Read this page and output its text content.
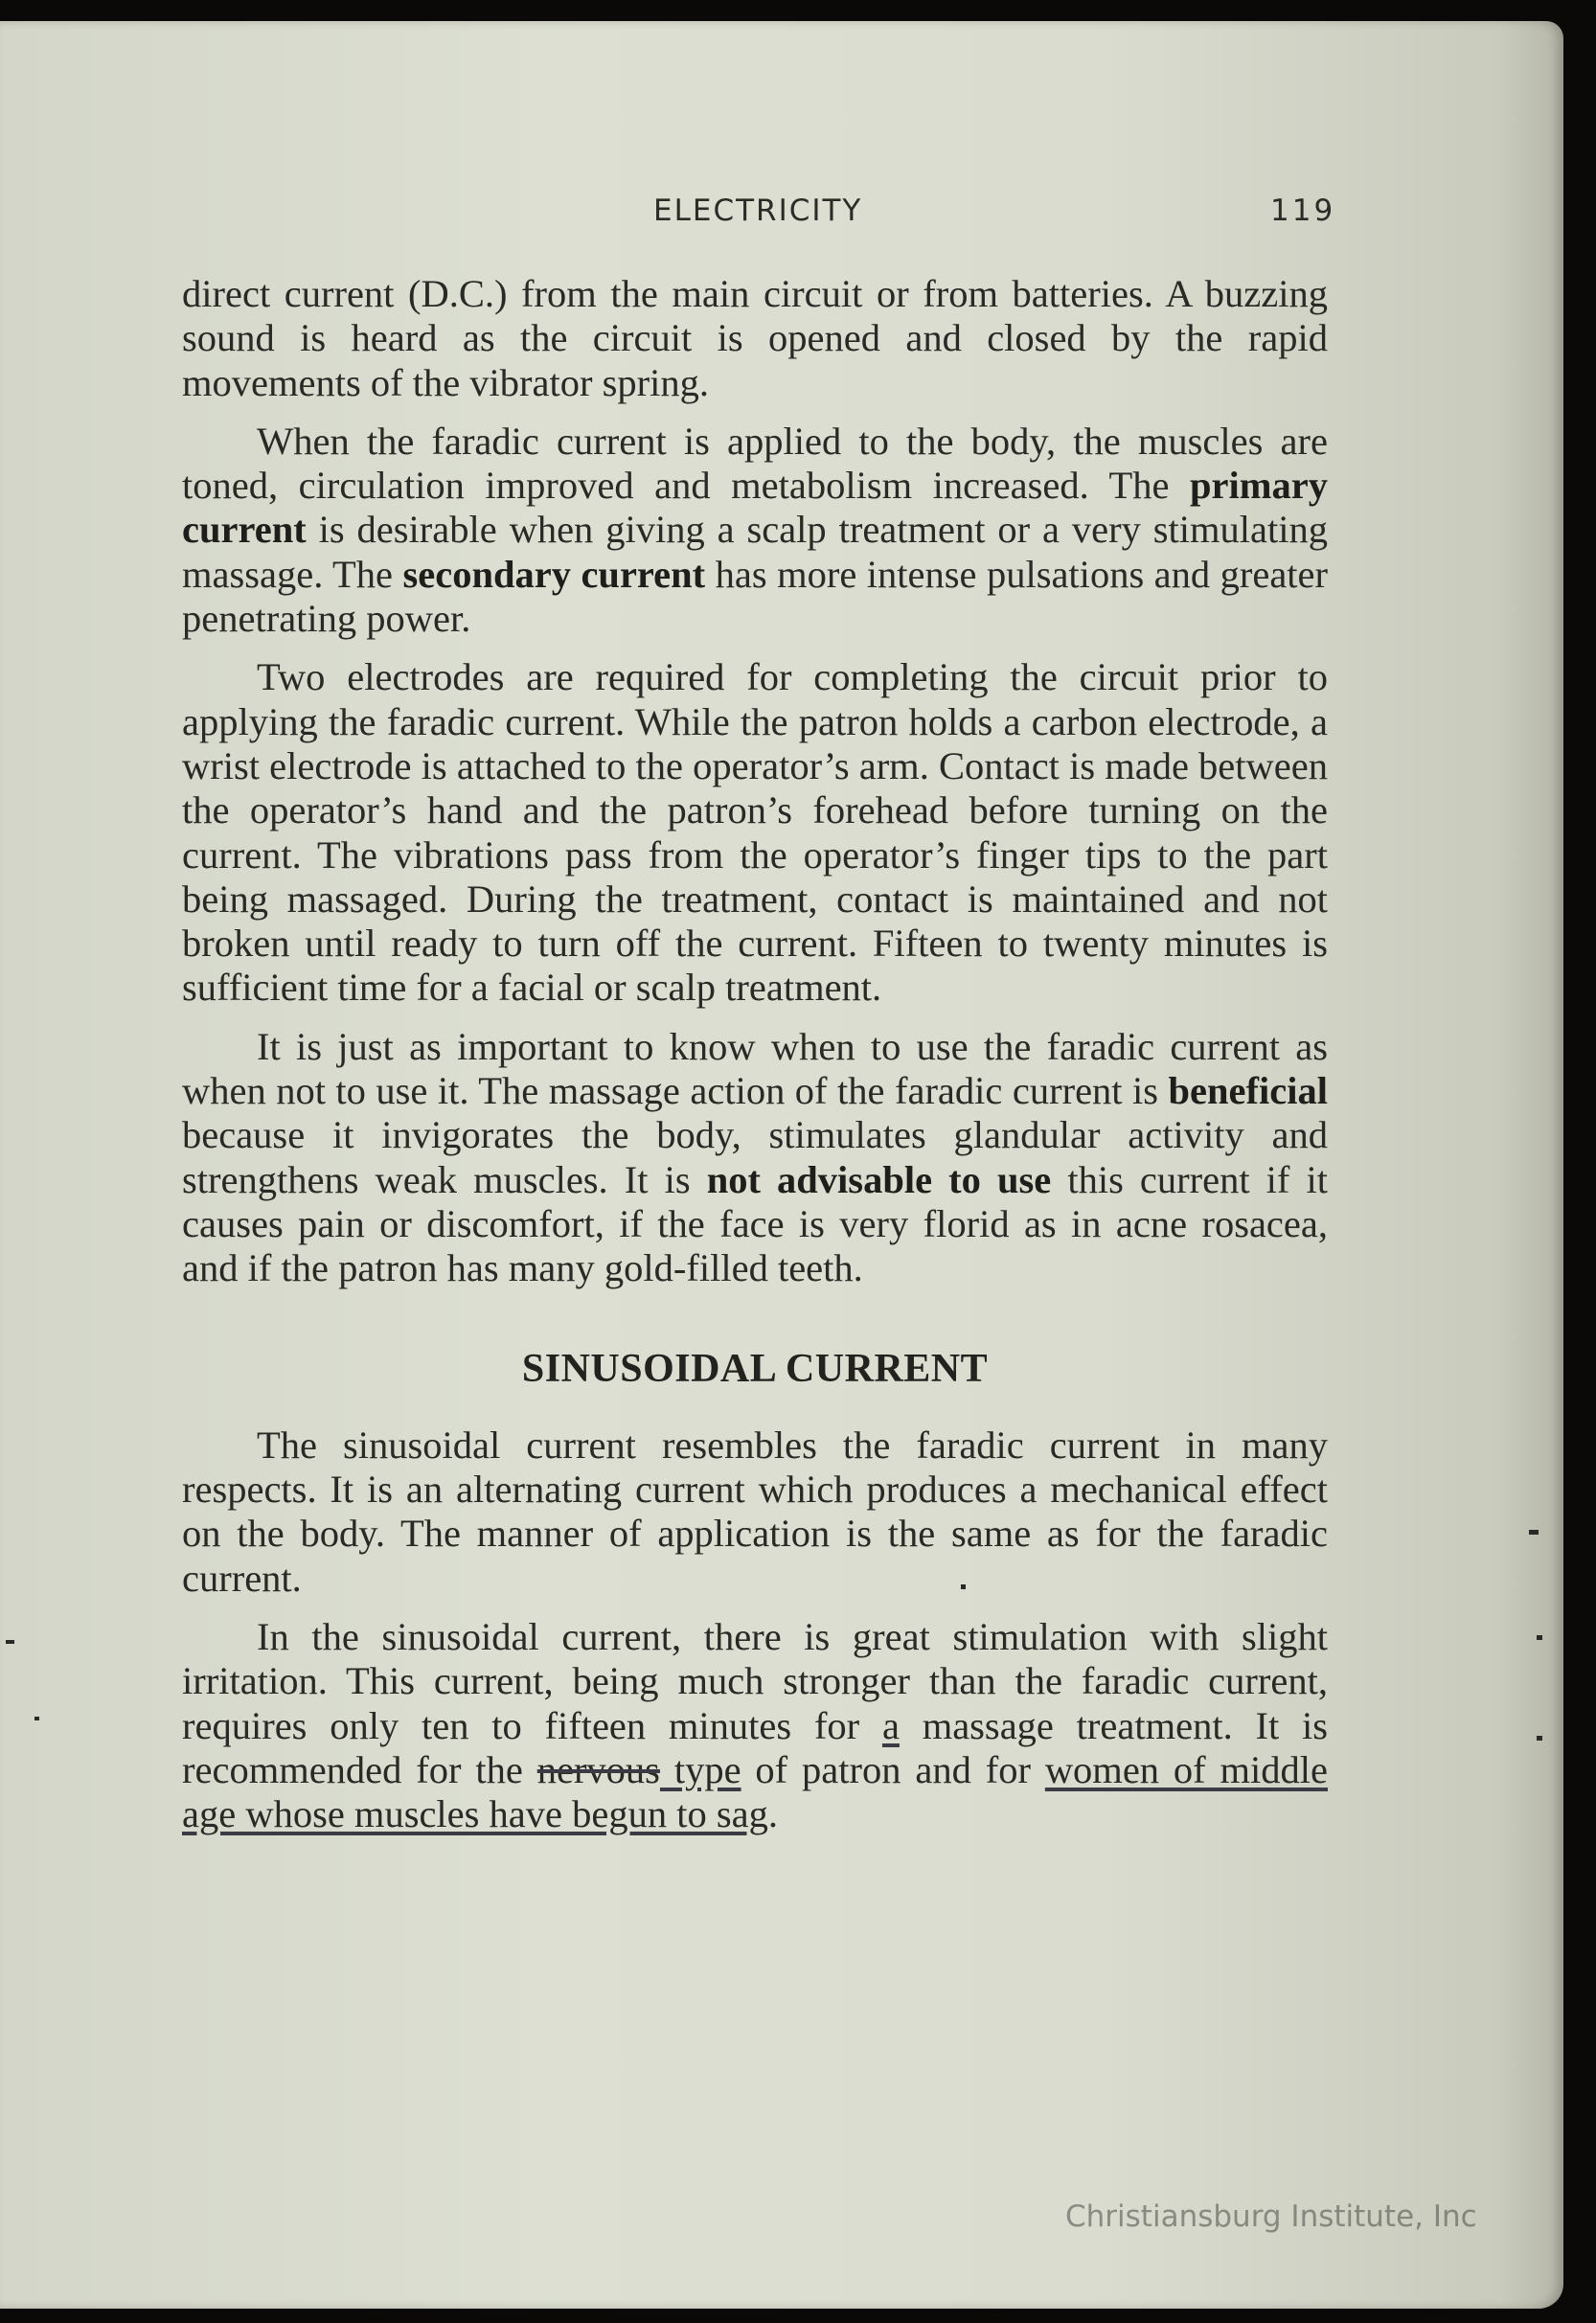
ELECTRICITY	119

direct current (D.C.) from the main circuit or from batteries. A buzzing sound is heard as the circuit is opened and closed by the rapid movements of the vibrator spring.

When the faradic current is applied to the body, the muscles are toned, circulation improved and metabolism increased. The primary current is desirable when giving a scalp treatment or a very stimulating massage. The secondary current has more intense pulsations and greater penetrating power.

Two electrodes are required for completing the circuit prior to applying the faradic current. While the patron holds a carbon electrode, a wrist electrode is attached to the operator’s arm. Contact is made between the operator’s hand and the patron’s forehead before turning on the current. The vibrations pass from the operator’s finger tips to the part being massaged. During the treatment, contact is maintained and not broken until ready to turn off the current. Fifteen to twenty minutes is sufficient time for a facial or scalp treatment.

It is just as important to know when to use the faradic current as when not to use it. The massage action of the faradic current is beneficial because it invigorates the body, stimulates glandular activity and strengthens weak muscles. It is not advisable to use this current if it causes pain or discomfort, if the face is very florid as in acne rosacea, and if the patron has many gold-filled teeth.

SINUSOIDAL CURRENT

The sinusoidal current resembles the faradic current in many respects. It is an alternating current which produces a mechanical effect on the body. The manner of application is the same as for the faradic current.

In the sinusoidal current, there is great stimulation with slight irritation. This current, being much stronger than the faradic current, requires only ten to fifteen minutes for a massage treatment. It is recommended for the nervous type of patron and for women of middle age whose muscles have begun to sag.

Christiansburg Institute, Inc
